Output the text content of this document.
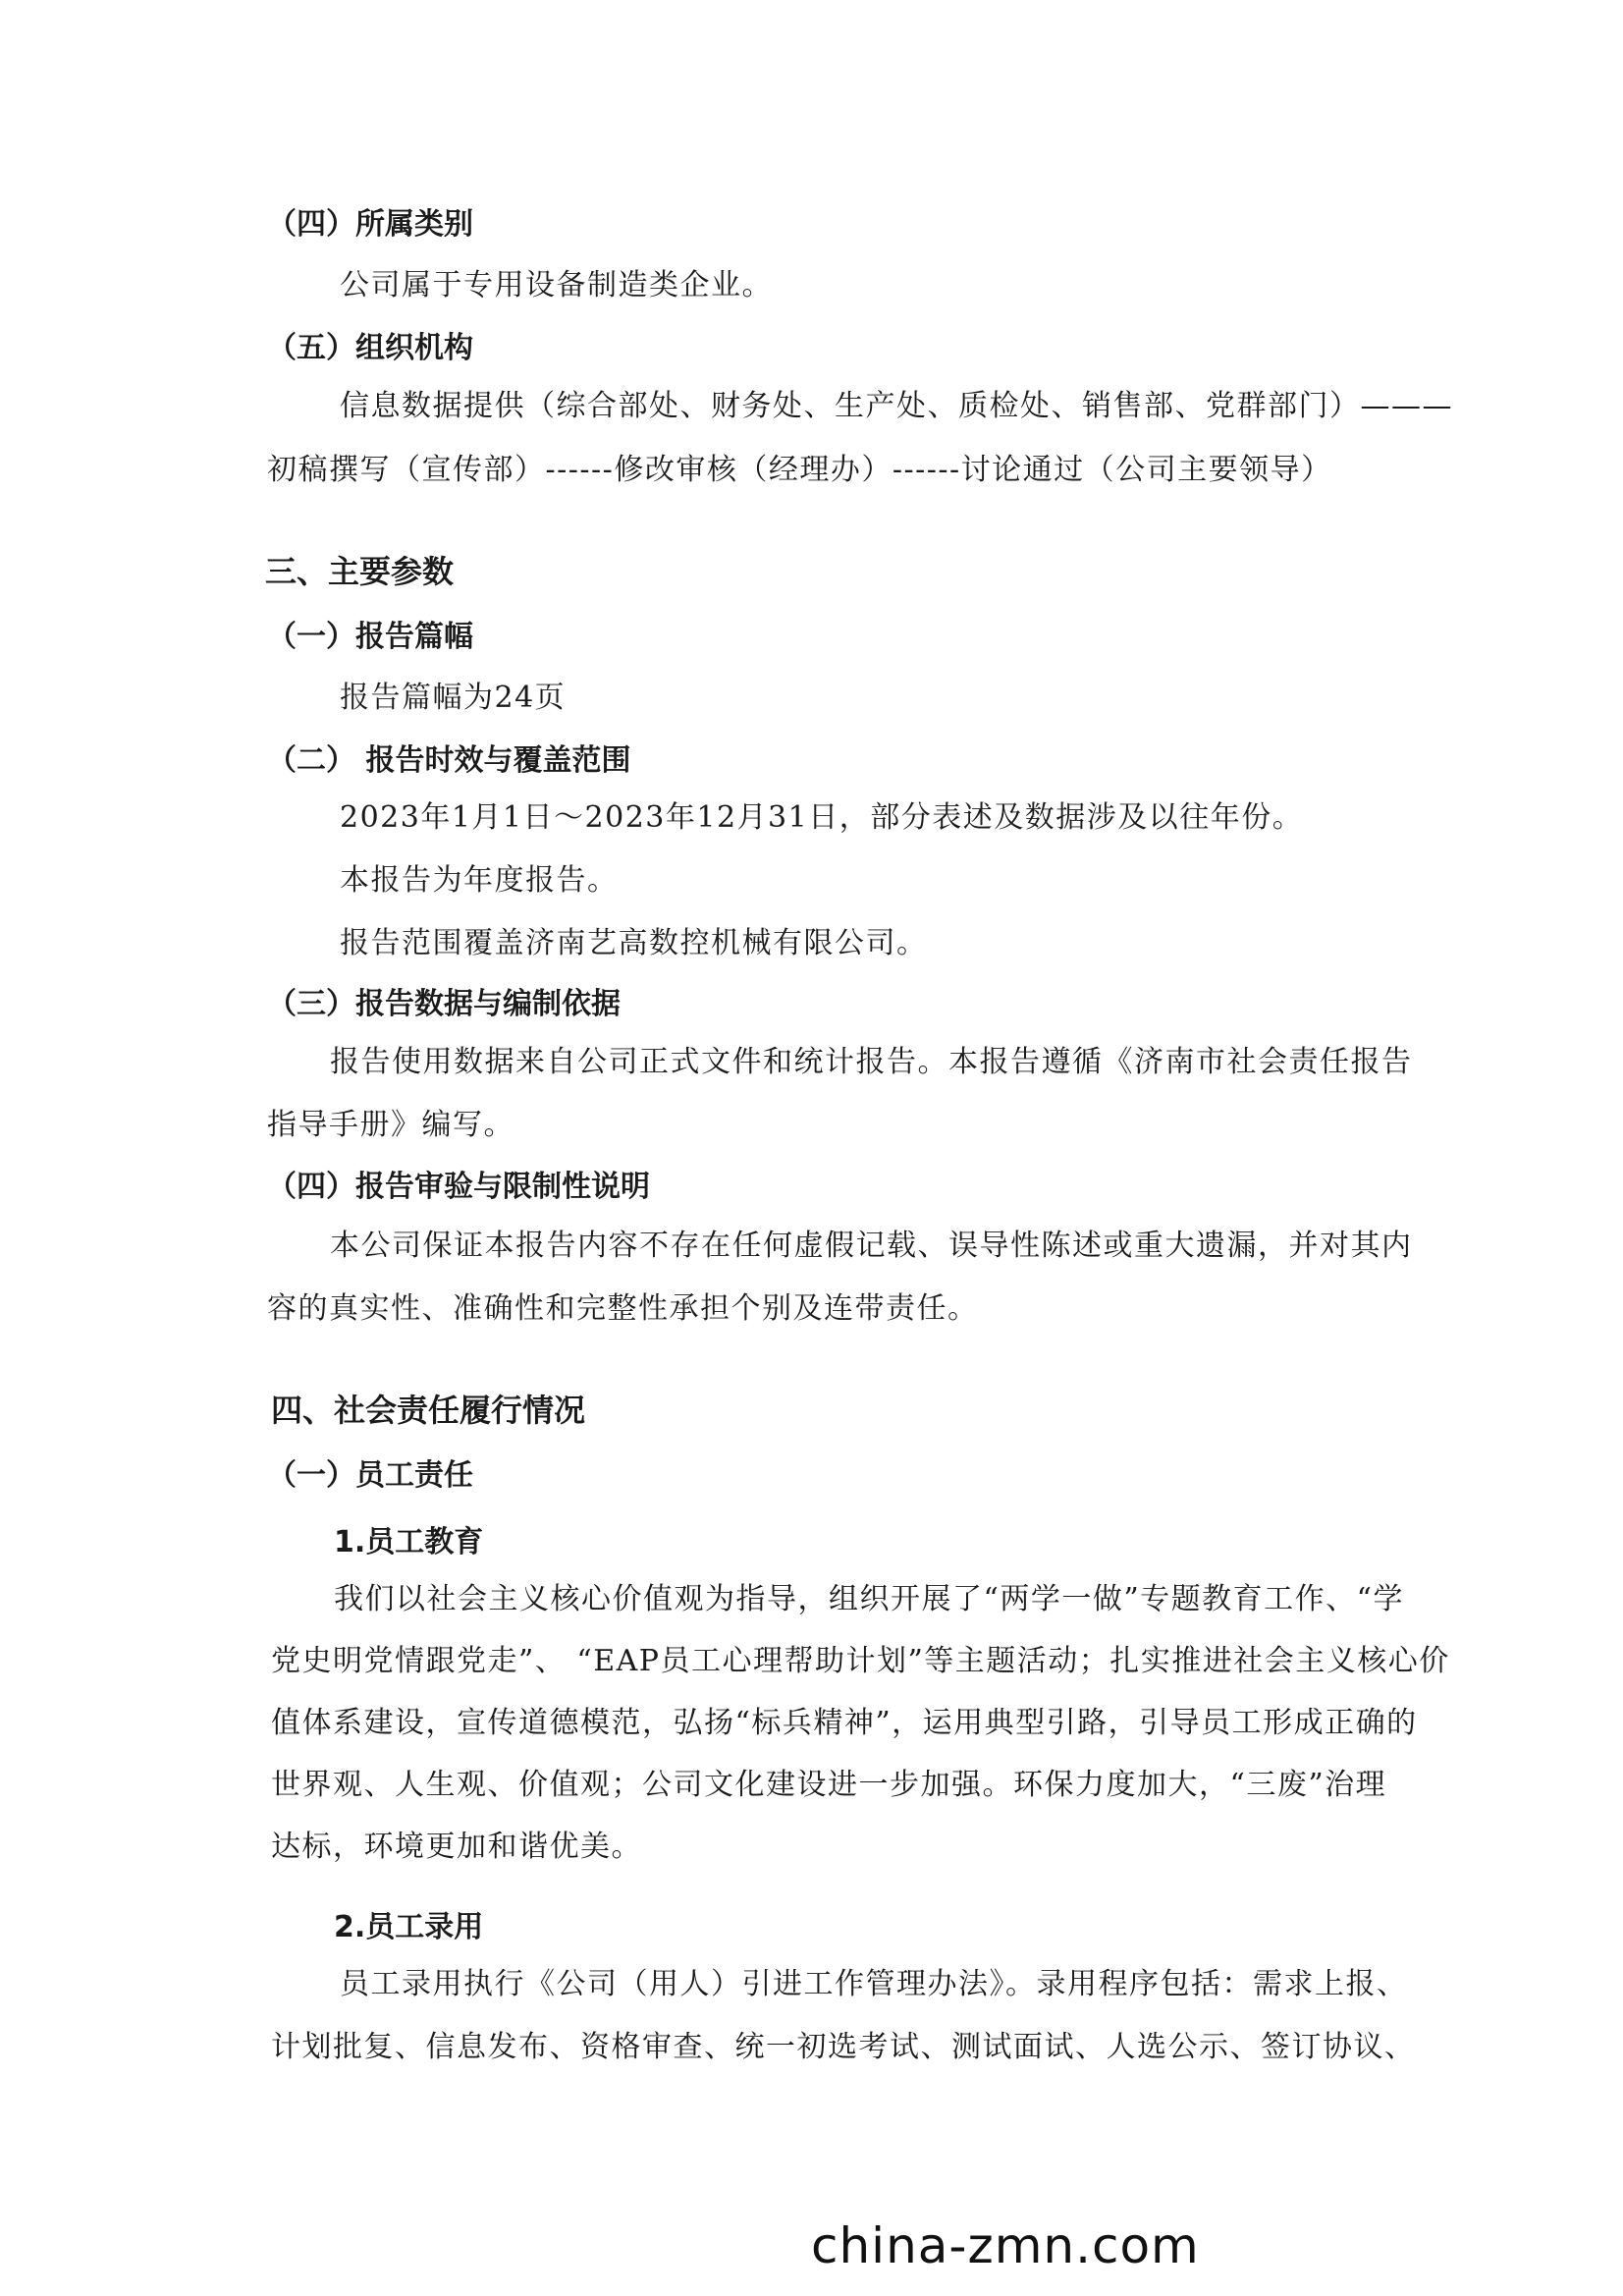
（四）所属类别
公司属于专用设备制造类企业。
（五）组织机构
信息数据提供（综合部处、财务处、生产处、质检处、销售部、党群部门）———
初稿撰写（宣传部）------修改审核（经理办）------讨论通过（公司主要领导）
三、主要参数
（一）报告篇幅
报告篇幅为24页
（二） 报告时效与覆盖范围
2023年1月1日～2023年12月31日，部分表述及数据涉及以往年份。
本报告为年度报告。
报告范围覆盖济南艺高数控机械有限公司。
（三）报告数据与编制依据
报告使用数据来自公司正式文件和统计报告。本报告遵循《济南市社会责任报告
指导手册》编写。
（四）报告审验与限制性说明
本公司保证本报告内容不存在任何虚假记载、误导性陈述或重大遗漏，并对其内
容的真实性、准确性和完整性承担个别及连带责任。
四、社会责任履行情况
（一）员工责任
1.员工教育
我们以社会主义核心价值观为指导，组织开展了“两学一做”专题教育工作、“学
党史明党情跟党走”、 “EAP员工心理帮助计划”等主题活动；扎实推进社会主义核心价
值体系建设，宣传道德模范，弘扬“标兵精神”，运用典型引路，引导员工形成正确的
世界观、人生观、价值观；公司文化建设进一步加强。环保力度加大，“三废”治理
达标，环境更加和谐优美。
2.员工录用
员工录用执行《公司（用人）引进工作管理办法》。录用程序包括：需求上报、
计划批复、信息发布、资格审查、统一初选考试、测试面试、人选公示、签订协议、
china-zmn.com
